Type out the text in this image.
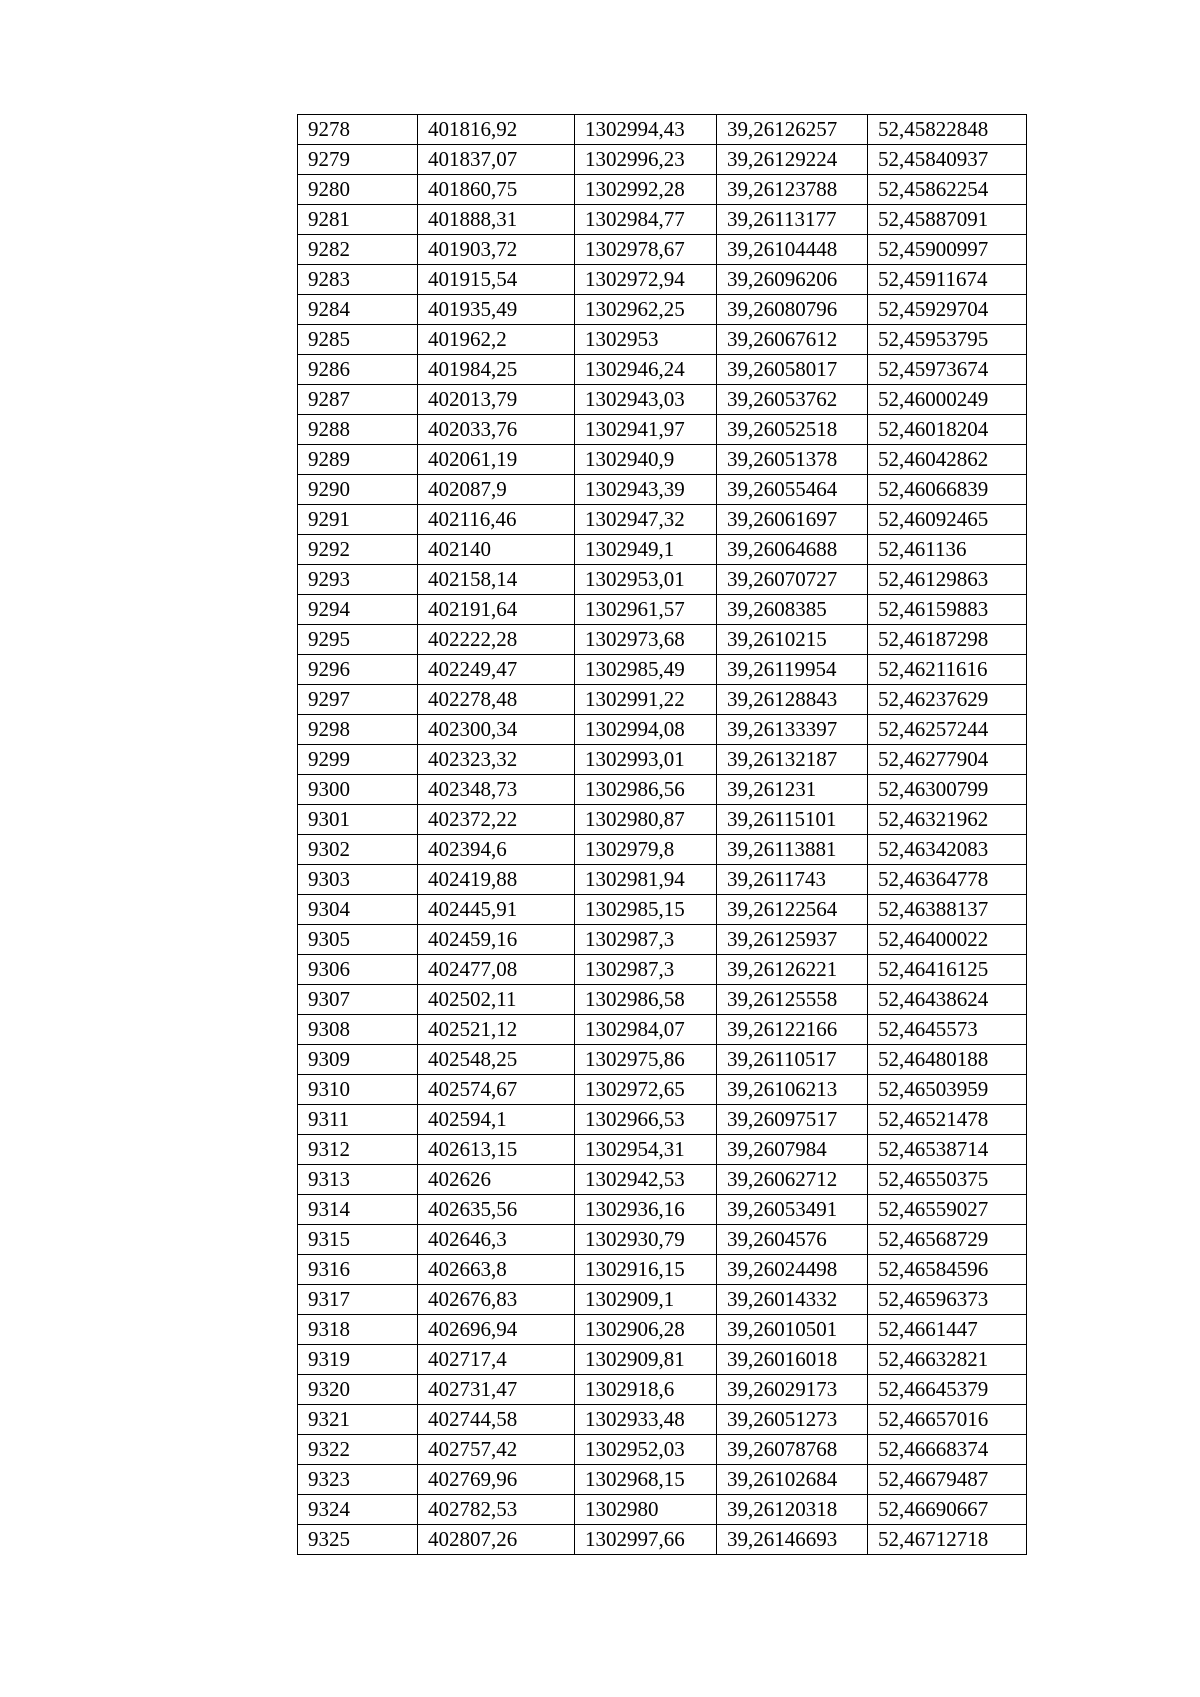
9278	401816,92	1302994,43	39,26126257	52,45822848
9279	401837,07	1302996,23	39,26129224	52,45840937
9280	401860,75	1302992,28	39,26123788	52,45862254
9281	401888,31	1302984,77	39,26113177	52,45887091
9282	401903,72	1302978,67	39,26104448	52,45900997
9283	401915,54	1302972,94	39,26096206	52,45911674
9284	401935,49	1302962,25	39,26080796	52,45929704
9285	401962,2	1302953	39,26067612	52,45953795
9286	401984,25	1302946,24	39,26058017	52,45973674
9287	402013,79	1302943,03	39,26053762	52,46000249
9288	402033,76	1302941,97	39,26052518	52,46018204
9289	402061,19	1302940,9	39,26051378	52,46042862
9290	402087,9	1302943,39	39,26055464	52,46066839
9291	402116,46	1302947,32	39,26061697	52,46092465
9292	402140	1302949,1	39,26064688	52,461136
9293	402158,14	1302953,01	39,26070727	52,46129863
9294	402191,64	1302961,57	39,2608385	52,46159883
9295	402222,28	1302973,68	39,2610215	52,46187298
9296	402249,47	1302985,49	39,26119954	52,46211616
9297	402278,48	1302991,22	39,26128843	52,46237629
9298	402300,34	1302994,08	39,26133397	52,46257244
9299	402323,32	1302993,01	39,26132187	52,46277904
9300	402348,73	1302986,56	39,261231	52,46300799
9301	402372,22	1302980,87	39,26115101	52,46321962
9302	402394,6	1302979,8	39,26113881	52,46342083
9303	402419,88	1302981,94	39,2611743	52,46364778
9304	402445,91	1302985,15	39,26122564	52,46388137
9305	402459,16	1302987,3	39,26125937	52,46400022
9306	402477,08	1302987,3	39,26126221	52,46416125
9307	402502,11	1302986,58	39,26125558	52,46438624
9308	402521,12	1302984,07	39,26122166	52,4645573
9309	402548,25	1302975,86	39,26110517	52,46480188
9310	402574,67	1302972,65	39,26106213	52,46503959
9311	402594,1	1302966,53	39,26097517	52,46521478
9312	402613,15	1302954,31	39,2607984	52,46538714
9313	402626	1302942,53	39,26062712	52,46550375
9314	402635,56	1302936,16	39,26053491	52,46559027
9315	402646,3	1302930,79	39,2604576	52,46568729
9316	402663,8	1302916,15	39,26024498	52,46584596
9317	402676,83	1302909,1	39,26014332	52,46596373
9318	402696,94	1302906,28	39,26010501	52,4661447
9319	402717,4	1302909,81	39,26016018	52,46632821
9320	402731,47	1302918,6	39,26029173	52,46645379
9321	402744,58	1302933,48	39,26051273	52,46657016
9322	402757,42	1302952,03	39,26078768	52,46668374
9323	402769,96	1302968,15	39,26102684	52,46679487
9324	402782,53	1302980	39,26120318	52,46690667
9325	402807,26	1302997,66	39,26146693	52,46712718
